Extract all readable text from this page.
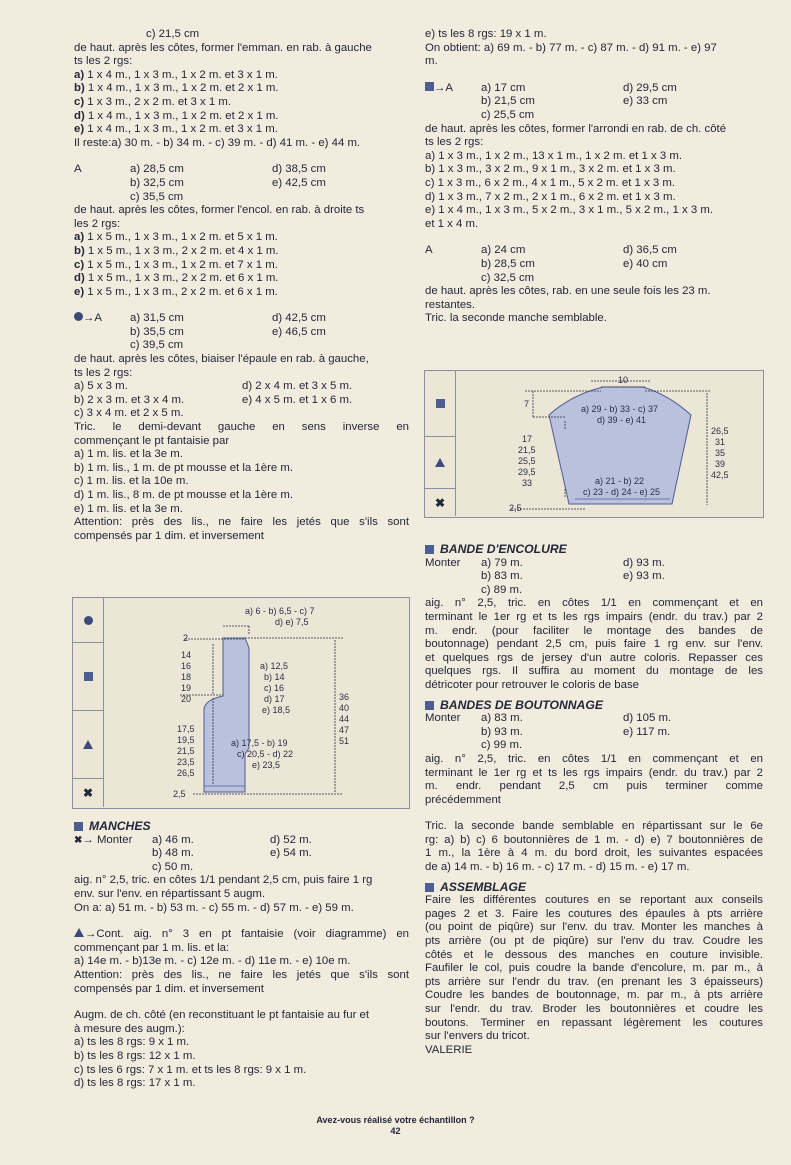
c) 21,5 cm

de haut. après les côtes, former l'emman. en rab. à gauche

ts les 2 rgs:

a) 1 x 4 m., 1 x 3 m., 1 x 2 m. et 3 x 1 m.

b) 1 x 4 m., 1 x 3 m., 1 x 2 m. et 2 x 1 m.

c) 1 x 3 m., 2 x 2 m. et 3 x 1 m.

d) 1 x 4 m., 1 x 3 m., 1 x 2 m. et 2 x 1 m.

e) 1 x 4 m., 1 x 3 m., 1 x 2 m. et 3 x 1 m.

Il reste:a) 30 m. - b) 34 m. - c) 39 m. - d) 41 m. - e) 44 m.

A	a) 28,5 cm	d) 38,5 cm
b) 32,5 cm	e) 42,5 cm
c) 35,5 cm

de haut. après les côtes, former l'encol. en rab. à droite ts

les 2 rgs:

a) 1 x 5 m., 1 x 3 m., 1 x 2 m. et 5 x 1 m.

b) 1 x 5 m., 1 x 3 m., 2 x 2 m. et 4 x 1 m.

c) 1 x 5 m., 1 x 3 m., 1 x 2 m. et 7 x 1 m.

d) 1 x 5 m., 1 x 3 m., 2 x 2 m. et 6 x 1 m.

e) 1 x 5 m., 1 x 3 m., 2 x 2 m. et 6 x 1 m.

→A	a) 31,5 cm	d) 42,5 cm
b) 35,5 cm	e) 46,5 cm
c) 39,5 cm

de haut. après les côtes, biaiser l'épaule en rab. à gauche,

ts les 2 rgs:

a) 5 x 3 m.	d) 2 x 4 m. et 3 x 5 m.
b) 2 x 3 m. et 3 x 4 m.	e) 4 x 5 m. et 1 x 6 m.
c) 3 x 4 m. et 2 x 5 m.

Tric. le demi-devant gauche en sens inverse en

commençant le pt fantaisie par

a) 1 m. lis. et la 3e m.

b) 1 m. lis., 1 m. de pt mousse et la 1ère m.

c) 1 m. lis. et la 10e m.

d) 1 m. lis., 8 m. de pt mousse et la 1ère m.

e) 1 m. lis. et la 3e m.

Attention: près des lis., ne faire les jetés que s'ils sont

compensés par 1 dim. et inversement

✖
a) 6 - b) 6,5 - c) 7
d) e) 7,5
2
14
16
18
19
20
17,5
19,5
21,5
23,5
26,5
a) 12,5
b) 14
c) 16
d) 17
e) 18,5
a) 17,5 - b) 19
c) 20,5 - d) 22
e) 23,5
36
40
44
47
51
2,5

MANCHES

✖→ Monter	a) 46 m.	d) 52 m.
b) 48 m.	e) 54 m.
c) 50 m.

aig. n° 2,5, tric. en côtes 1/1 pendant 2,5 cm, puis faire 1 rg

env. sur l'env. en répartissant 5 augm.

On a: a) 51 m. - b) 53 m. - c) 55 m. - d) 57 m. - e) 59 m.

→Cont. aig. n° 3 en pt fantaisie (voir diagramme) en

commençant par 1 m. lis. et la:

a) 14e m. - b)13e m. - c) 12e m. - d) 11e m. - e) 10e m.

Attention: près des lis., ne faire les jetés que s'ils sont

compensés par 1 dim. et inversement

Augm. de ch. côté (en reconstituant le pt fantaisie au fur et

à mesure des augm.):

a) ts les 8 rgs: 9 x 1 m.

b) ts les 8 rgs: 12 x 1 m.

c) ts les 6 rgs: 7 x 1 m. et ts les 8 rgs: 9 x 1 m.

d) ts les 8 rgs: 17 x 1 m.

e) ts les 8 rgs: 19 x 1 m.

On obtient: a) 69 m. - b) 77 m. - c) 87 m. - d) 91 m. - e) 97

m.

→A	a) 17 cm	d) 29,5 cm
b) 21,5 cm	e) 33 cm
c) 25,5 cm

de haut. après les côtes, former l'arrondi en rab. de ch. côté

ts les 2 rgs:

a) 1 x 3 m., 1 x 2 m., 13 x 1 m., 1 x 2 m. et 1 x 3 m.

b) 1 x 3 m., 3 x 2 m., 9 x 1 m., 3 x 2 m. et 1 x 3 m.

c) 1 x 3 m., 6 x 2 m., 4 x 1 m., 5 x 2 m. et 1 x 3 m.

d) 1 x 3 m., 7 x 2 m., 2 x 1 m., 6 x 2 m. et 1 x 3 m.

e) 1 x 4 m., 1 x 3 m., 5 x 2 m., 3 x 1 m., 5 x 2 m., 1 x 3 m.

et 1 x 4 m.

A	a) 24 cm	d) 36,5 cm
b) 28,5 cm	e) 40 cm
c) 32,5 cm

de haut. après les côtes, rab. en une seule fois les 23 m.

restantes.

Tric. la seconde manche semblable.

✖
10
7	a) 29 - b) 33 - c) 37
d) 39 - e) 41
17
21,5
25,5
29,5
33
26,5
31
35
39
42,5
a) 21 - b) 22
c) 23 - d) 24 - e) 25
2,5

BANDE D'ENCOLURE

Monter	a) 79 m.	d) 93 m.
b) 83 m.	e) 93 m.
c) 89 m.

aig. n° 2,5, tric. en côtes 1/1 en commençant et en

terminant le 1er rg et ts les rgs impairs (endr. du trav.) par 2

m. endr. (pour faciliter le montage des bandes de

boutonnage) pendant 2,5 cm, puis faire 1 rg env. sur l'env.

et quelques rgs de jersey d'un autre coloris. Repasser ces

quelques rgs. Il suffira au moment du montage de les

détricoter pour retrouver le coloris de base

BANDES DE BOUTONNAGE

Monter	a) 83 m.	d) 105 m.
b) 93 m.	e) 117 m.
c) 99 m.

aig. n° 2,5, tric. en côtes 1/1 en commençant et en

terminant le 1er rg et ts les rgs impairs (endr. du trav.) par 2

m. endr. pendant 2,5 cm puis terminer comme

précédemment

Tric. la seconde bande semblable en répartissant sur le 6e

rg: a) b) c) 6 boutonnières de 1 m. - d) e) 7 boutonnières de

1 m., la 1ère à 4 m. du bord droit, les suivantes espacées

de a) 14 m. - b) 16 m. - c) 17 m. - d) 15 m. - e) 17 m.

ASSEMBLAGE

Faire les différentes coutures en se reportant aux conseils

pages 2 et 3. Faire les coutures des épaules à pts arrière

(ou point de piqûre) sur l'env. du trav. Monter les manches à

pts arrière (ou pt de piqûre) sur l'env du trav. Coudre les

côtés et le dessous des manches en couture invisible.

Faufiler le col, puis coudre la bande d'encolure, m. par m., à

pts arrière sur l'endr du trav. (en prenant les 3 épaisseurs)

Coudre les bandes de boutonnage, m. par m., à pts arrière

sur l'endr. du trav. Broder les boutonnières et coudre les

boutons. Terminer en repassant légèrement les coutures

sur l'envers du tricot.

VALERIE

Avez-vous réalisé votre échantillon ?
42
